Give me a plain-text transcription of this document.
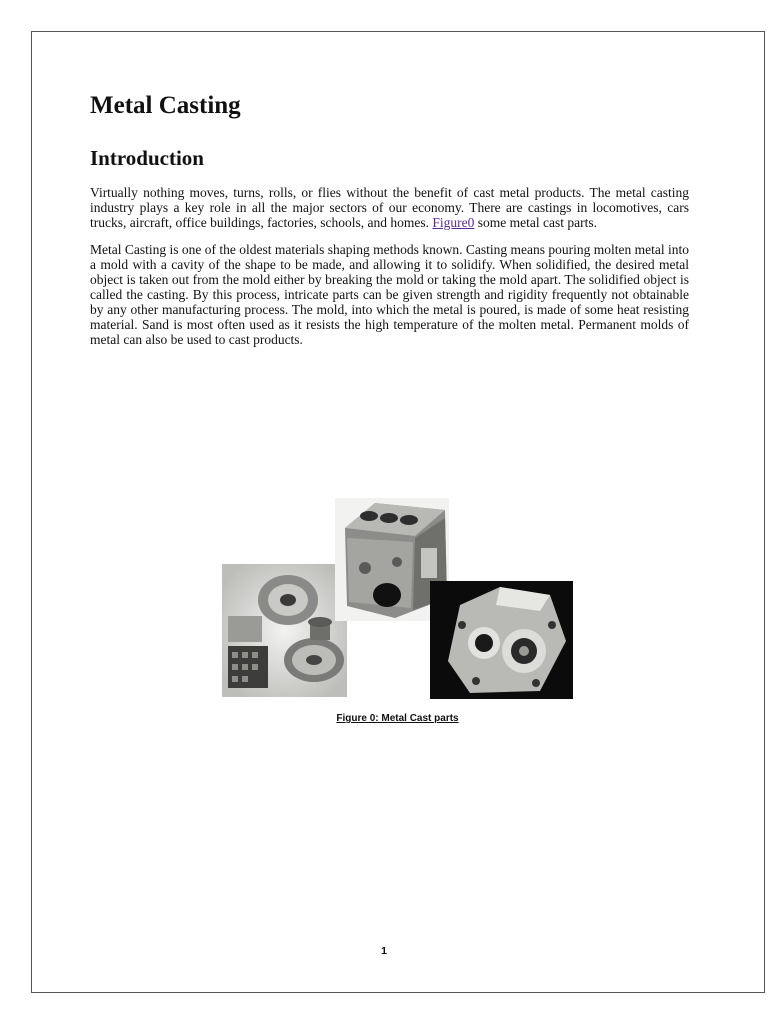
Metal Casting
Introduction

Virtually nothing moves, turns, rolls, or flies without the benefit of cast metal products. The metal casting industry plays a key role in all the major sectors of our economy. There are castings in locomotives, cars trucks, aircraft, office buildings, factories, schools, and homes. Figure0 some metal cast parts.

Metal Casting is one of the oldest materials shaping methods known. Casting means pouring molten metal into a mold with a cavity of the shape to be made, and allowing it to solidify. When solidified, the desired metal object is taken out from the mold either by breaking the mold or taking the mold apart. The solidified object is called the casting. By this process, intricate parts can be given strength and rigidity frequently not obtainable by any other manufacturing process. The mold, into which the metal is poured, is made of some heat resisting material. Sand is most often used as it resists the high temperature of the molten metal. Permanent molds of metal can also be used to cast products.

Figure 0: Metal Cast parts
1
